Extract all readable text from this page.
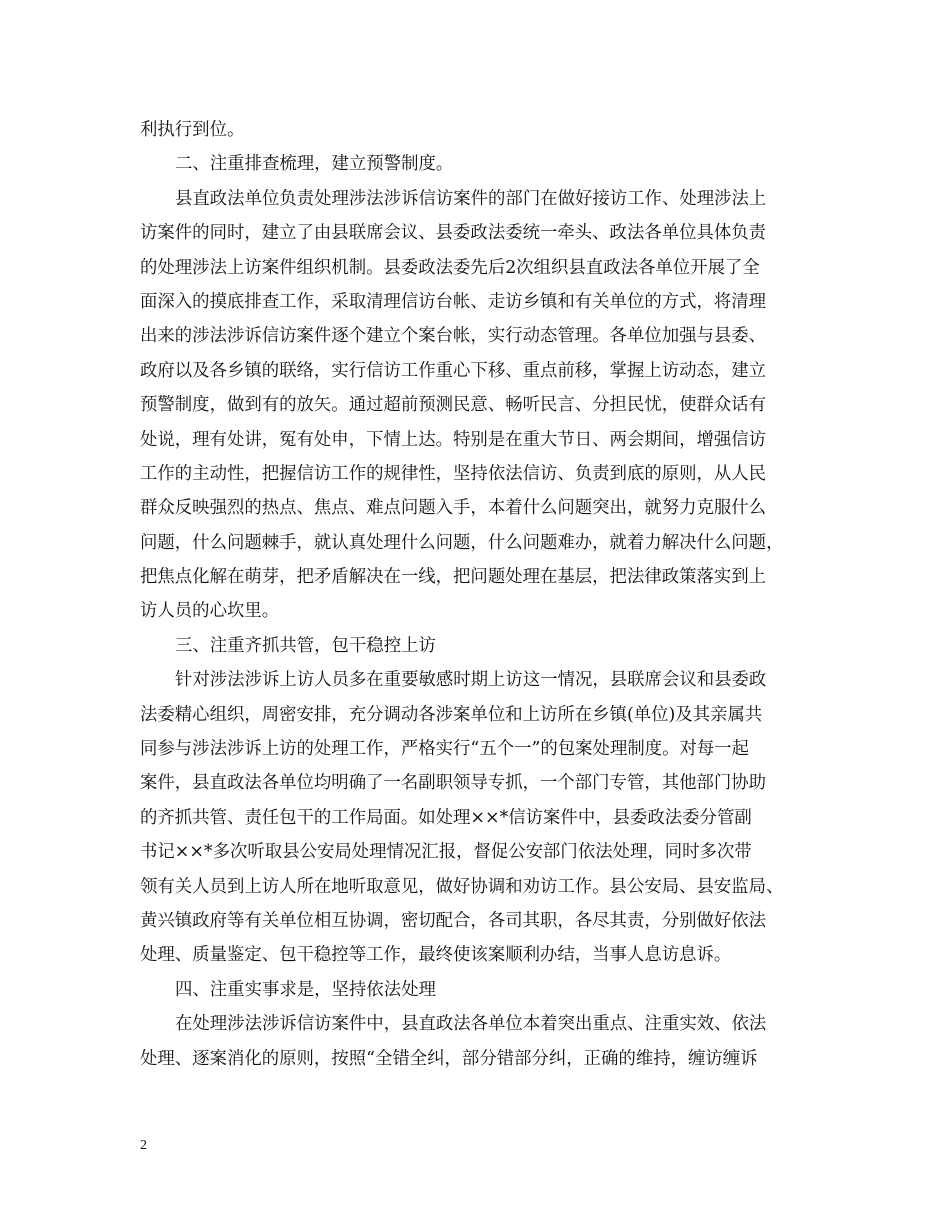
利执行到位。
二、注重排查梳理，建立预警制度。
县直政法单位负责处理涉法涉诉信访案件的部门在做好接访工作、处理涉法上
访案件的同时，建立了由县联席会议、县委政法委统一牵头、政法各单位具体负责
的处理涉法上访案件组织机制。县委政法委先后2次组织县直政法各单位开展了全
面深入的摸底排查工作，采取清理信访台帐、走访乡镇和有关单位的方式，将清理
出来的涉法涉诉信访案件逐个建立个案台帐，实行动态管理。各单位加强与县委、
政府以及各乡镇的联络，实行信访工作重心下移、重点前移，掌握上访动态，建立
预警制度，做到有的放矢。通过超前预测民意、畅听民言、分担民忧，使群众话有
处说，理有处讲，冤有处申，下情上达。特别是在重大节日、两会期间，增强信访
工作的主动性，把握信访工作的规律性，坚持依法信访、负责到底的原则，从人民
群众反映强烈的热点、焦点、难点问题入手，本着什么问题突出，就努力克服什么
问题，什么问题棘手，就认真处理什么问题，什么问题难办，就着力解决什么问题，
把焦点化解在萌芽，把矛盾解决在一线，把问题处理在基层，把法律政策落实到上
访人员的心坎里。
三、注重齐抓共管，包干稳控上访
针对涉法涉诉上访人员多在重要敏感时期上访这一情况，县联席会议和县委政
法委精心组织，周密安排，充分调动各涉案单位和上访所在乡镇(单位)及其亲属共
同参与涉法涉诉上访的处理工作，严格实行“五个一”的包案处理制度。对每一起
案件，县直政法各单位均明确了一名副职领导专抓，一个部门专管，其他部门协助
的齐抓共管、责任包干的工作局面。如处理××*信访案件中，县委政法委分管副
书记××*多次听取县公安局处理情况汇报，督促公安部门依法处理，同时多次带
领有关人员到上访人所在地听取意见，做好协调和劝访工作。县公安局、县安监局、
黄兴镇政府等有关单位相互协调，密切配合，各司其职，各尽其责，分别做好依法
处理、质量鉴定、包干稳控等工作，最终使该案顺利办结，当事人息访息诉。
四、注重实事求是，坚持依法处理
在处理涉法涉诉信访案件中，县直政法各单位本着突出重点、注重实效、依法
处理、逐案消化的原则，按照“全错全纠，部分错部分纠，正确的维持，缠访缠诉
2
